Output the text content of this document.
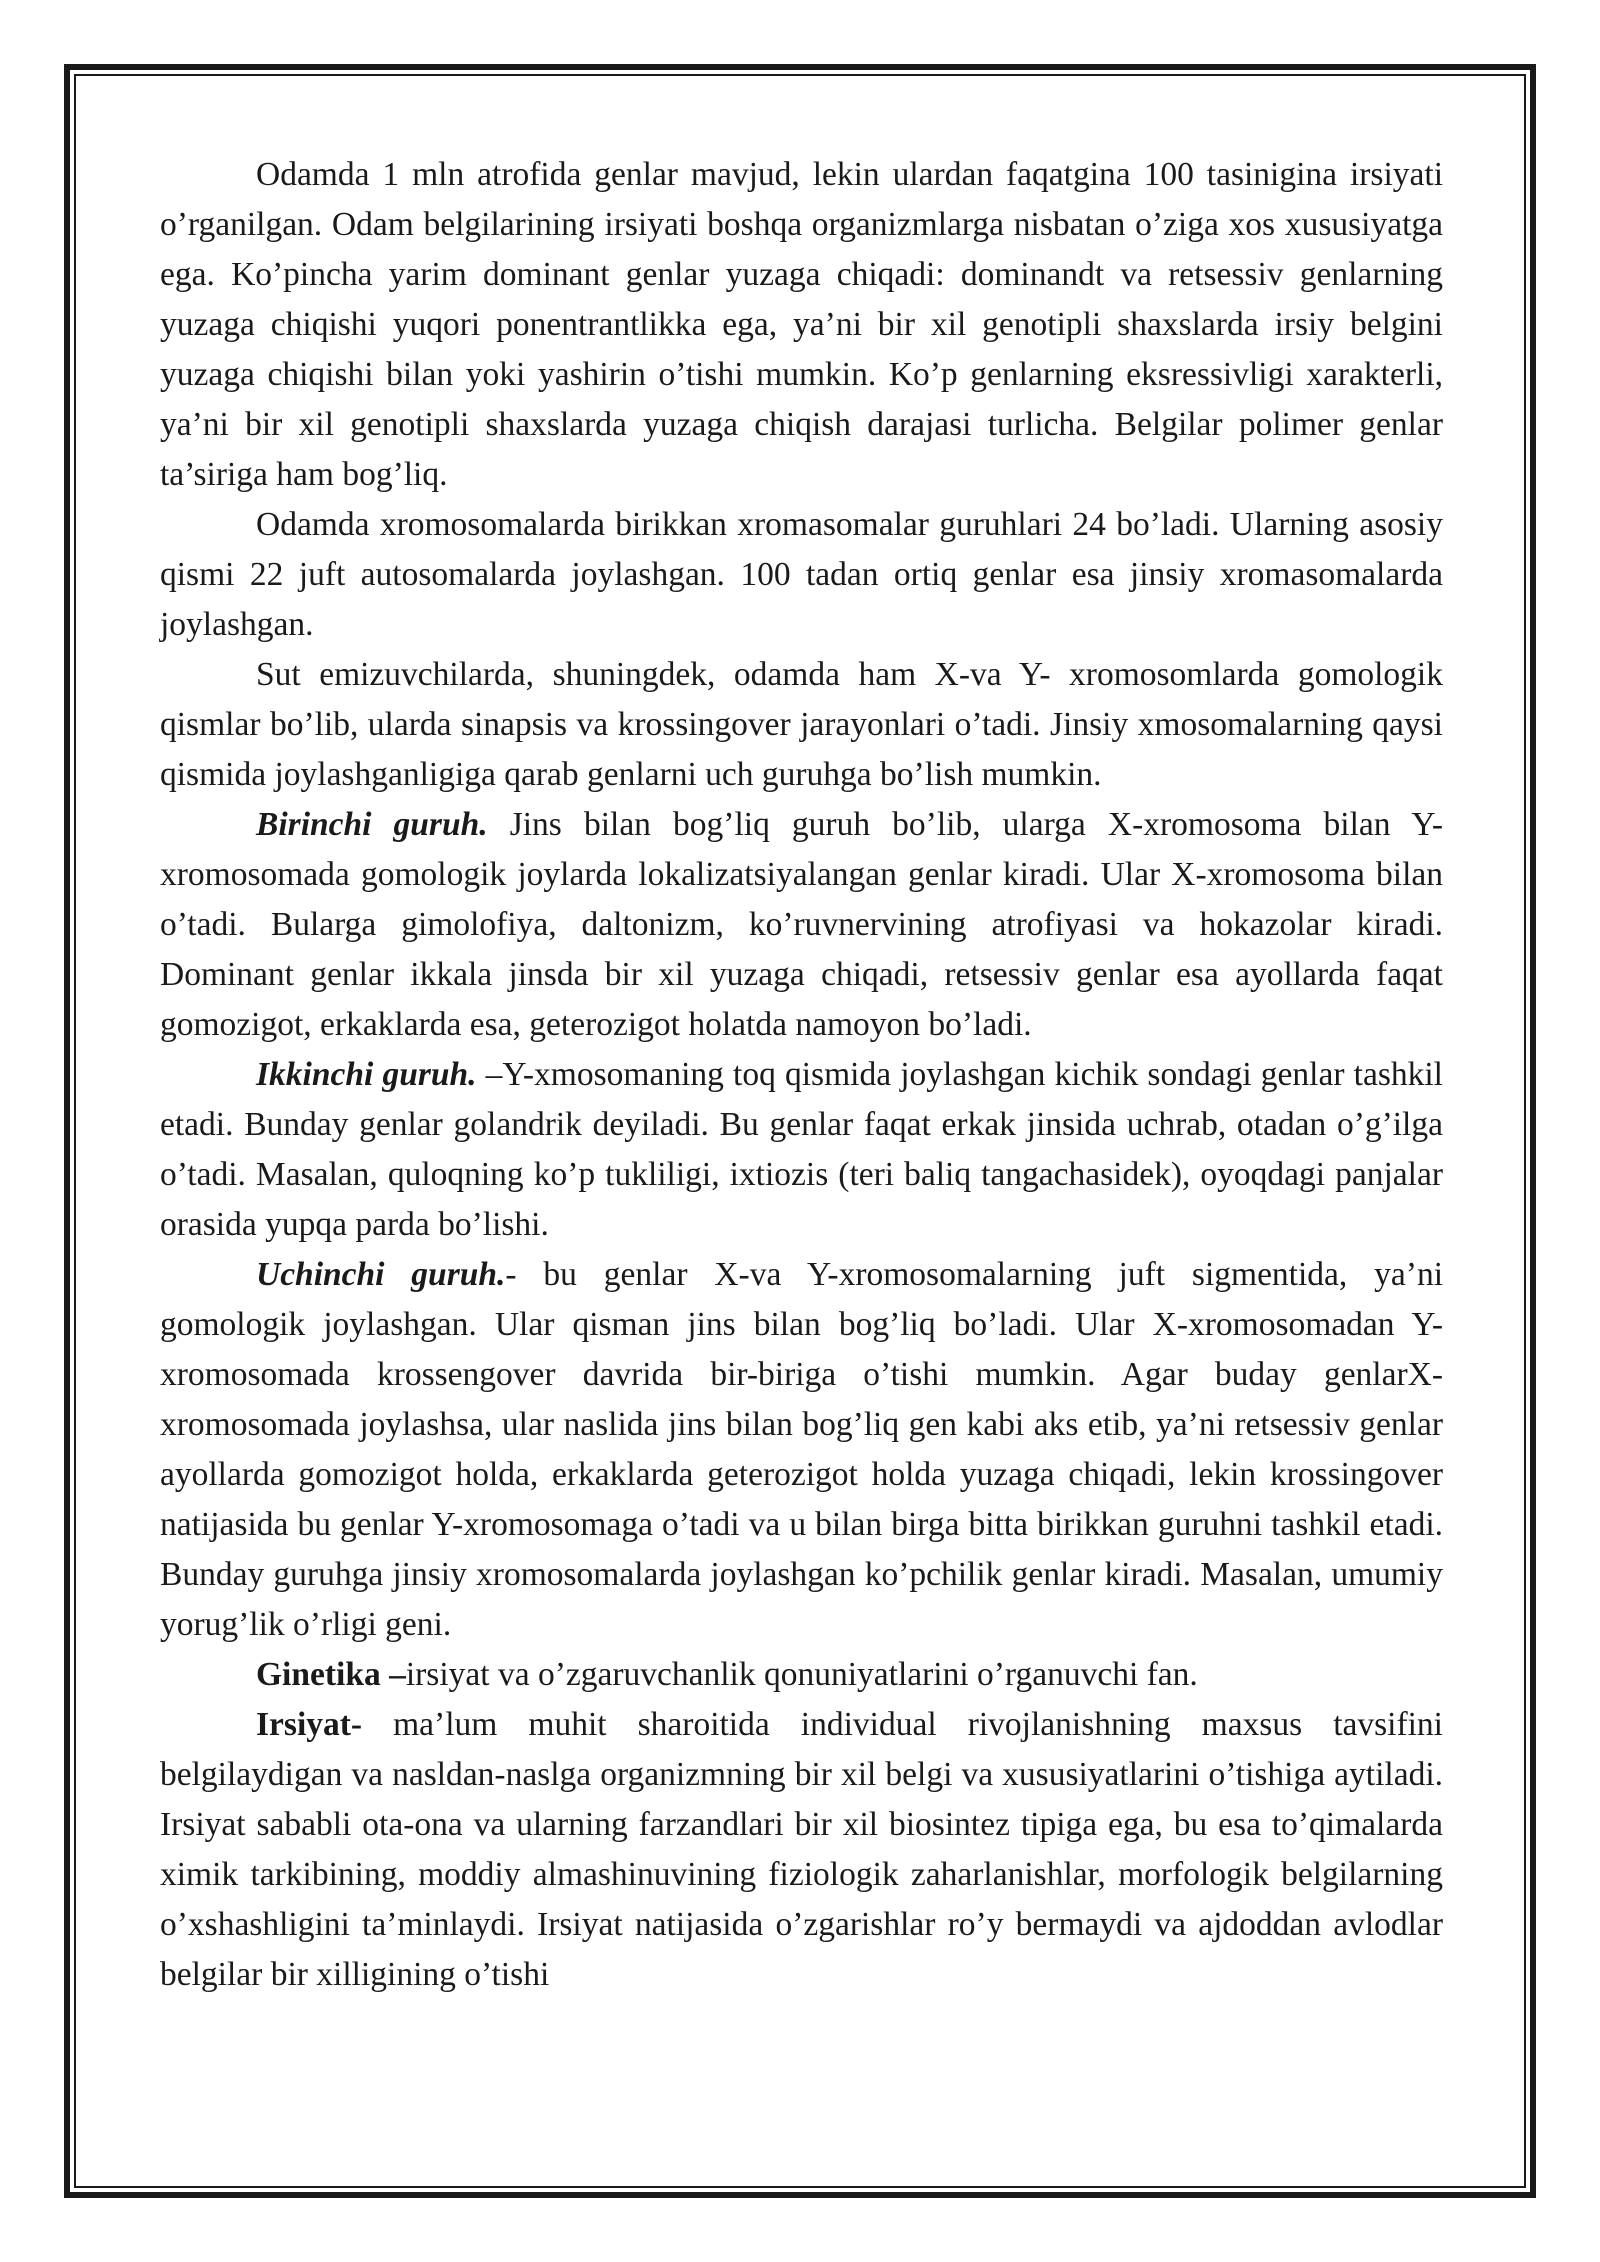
Odamda 1 mln atrofida genlar mavjud, lekin ulardan faqatgina 100 tasinigina irsiyati o’rganilgan. Odam belgilarining irsiyati boshqa organizmlarga nisbatan o’ziga xos xususiyatga ega. Ko’pincha yarim dominant genlar yuzaga chiqadi: dominandt va retsessiv genlarning yuzaga chiqishi yuqori ponentrantlikka ega, ya’ni bir xil genotipli shaxslarda irsiy belgini yuzaga chiqishi bilan yoki yashirin o’tishi mumkin. Ko’p genlarning eksressivligi xarakterli, ya’ni bir xil genotipli shaxslarda yuzaga chiqish darajasi turlicha. Belgilar polimer genlar ta’siriga ham bog’liq.

Odamda xromosomalarda birikkan xromasomalar guruhlari 24 bo’ladi. Ularning asosiy qismi 22 juft autosomalarda joylashgan. 100 tadan ortiq genlar esa jinsiy xromasomalarda joylashgan.

Sut emizuvchilarda, shuningdek, odamda ham X-va Y- xromosomlarda gomologik qismlar bo’lib, ularda sinapsis va krossingover jarayonlari o’tadi. Jinsiy xmosomalarning qaysi qismida joylashganligiga qarab genlarni uch guruhga bo’lish mumkin.

Birinchi guruh. Jins bilan bog’liq guruh bo’lib, ularga X-xromosoma bilan Y-xromosomada gomologik joylarda lokalizatsiyalangan genlar kiradi. Ular X-xromosoma bilan o’tadi. Bularga gimolofiya, daltonizm, ko’ruvnervining atrofiyasi va hokazolar kiradi. Dominant genlar ikkala jinsda bir xil yuzaga chiqadi, retsessiv genlar esa ayollarda faqat gomozigot, erkaklarda esa, geterozigot holatda namoyon bo’ladi.

Ikkinchi guruh. –Y-xmosomaning toq qismida joylashgan kichik sondagi genlar tashkil etadi. Bunday genlar golandrik deyiladi. Bu genlar faqat erkak jinsida uchrab, otadan o’g’ilga o’tadi. Masalan, quloqning ko’p tukliligi, ixtiozis (teri baliq tangachasidek), oyoqdagi panjalar orasida yupqa parda bo’lishi.

Uchinchi guruh.- bu genlar X-va Y-xromosomalarning juft sigmentida, ya’ni gomologik joylashgan. Ular qisman jins bilan bog’liq bo’ladi. Ular X-xromosomadan Y-xromosomada krossengover davrida bir-biriga o’tishi mumkin. Agar buday genlarX-xromosomada joylashsa, ular naslida jins bilan bog’liq gen kabi aks etib, ya’ni retsessiv genlar ayollarda gomozigot holda, erkaklarda geterozigot holda yuzaga chiqadi, lekin krossingover natijasida bu genlar Y-xromosomaga o’tadi va u bilan birga bitta birikkan guruhni tashkil etadi. Bunday guruhga jinsiy xromosomalarda joylashgan ko’pchilik genlar kiradi. Masalan, umumiy yorug’lik o’rligi geni.

Ginetika –irsiyat va o’zgaruvchanlik qonuniyatlarini o’rganuvchi fan.

Irsiyat- ma’lum muhit sharoitida individual rivojlanishning maxsus tavsifini belgilaydigan va nasldan-naslga organizmning bir xil belgi va xususiyatlarini o’tishiga aytiladi. Irsiyat sababli ota-ona va ularning farzandlari bir xil biosintez tipiga ega, bu esa to’qimalarda ximik tarkibining, moddiy almashinuvining fiziologik zaharlanishlar, morfologik belgilarning o’xshashligini ta’minlaydi. Irsiyat natijasida o’zgarishlar ro’y bermaydi va ajdoddan avlodlar belgilar bir xilligining o’tishi
